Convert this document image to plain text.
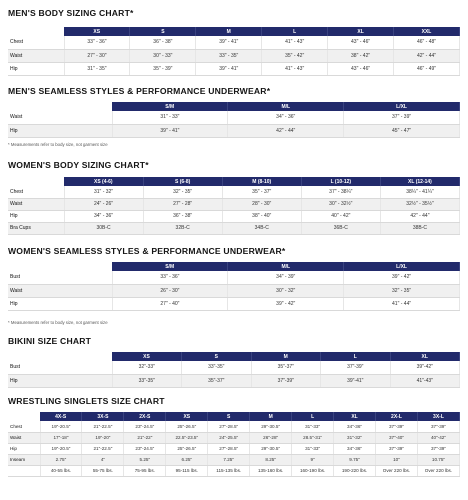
MEN'S BODY SIZING CHART*
	XS	S	M	L	XL	XXL
Chest	33" - 36"	36" - 38"	39" - 41"	41" - 43"	43" - 46"	46" - 48"
Waist	27" - 30"	30" - 33"	33" - 35"	35" - 42"	38" - 42"	42" - 44"
Hip	31" - 35"	35" - 39"	39" - 41"	41" - 43"	43" - 46"	46" - 49"
MEN'S SEAMLESS STYLES & PERFORMANCE UNDERWEAR*
	S/M	M/L	L/XL
Waist	31" - 33"	34" - 36"	37" - 39"
Hip	39" - 41"	42" - 44"	45" - 47"
* Measurements refer to body size, not garment size
WOMEN'S BODY SIZING CHART*
	XS (4-6)	S (6-8)	M (8-10)	L (10-12)	XL (12-14)
Chest	31" - 32"	32" - 35"	35" - 37"	37" - 38¼"	38¼" - 41¼"
Waist	24" - 26"	27" - 28"	28" - 30"	30" - 32½"	32½" - 35½"
Hip	34" - 36"	36" - 38"	38" - 40"	40" - 42"	42" - 44"
Bra Cups	30B-C	32B-C	34B-C	36B-C	38B-C
WOMEN'S SEAMLESS STYLES & PERFORMANCE UNDERWEAR*
	S/M	M/L	L/XL
Bust	33" - 36"	34" - 39"	39" - 42"
Waist	26" - 30"	30" - 32"	32" - 35"
Hip	27" - 40"	39" - 42"	41" - 44"
* Measurements refer to body size, not garment size
BIKINI SIZE CHART
	XS	S	M	L	XL
Bust	32"-33"	33"-35"	35"-37"	37"-39"	39"-42"
Hip	33"-35"	35"-37"	37"-39"	39"-41"	41"-43"
WRESTLING SINGLETS SIZE CHART
	4X-S	3X-S	2X-S	XS	S	M	L	XL	2X-L	3X-L
Chest	19"-20.5"	21"-22.5"	23"-24.5"	25"-26.5"	27"-28.5"	29"-30.5"	31"-33"	34"-36"	37"-39"	37"-39"
Waist	17"-18"	19"-20"	21"-22"	22.5"-23.5"	24"-25.5"	26"-28"	28.5"-31"	31"-32"	37"-40"	40"-42"
Hip	19"-20.5"	21"-22.5"	23"-24.5"	25"-26.5"	27"-28.5"	29"-30.5"	31"-33"	34"-36"	37"-39"	37"-39"
Inseam	2.75"	4"	5.25"	6.25"	7.25"	8.25"	9"	9.75"	10"	10.75"
	40-55 lbs.	55-75 lbs.	75-95 lbs.	95-115 lbs.	115-135 lbs.	135-160 lbs.	160-190 lbs.	190-220 lbs.	Over 220 lbs.	Over 220 lbs.
